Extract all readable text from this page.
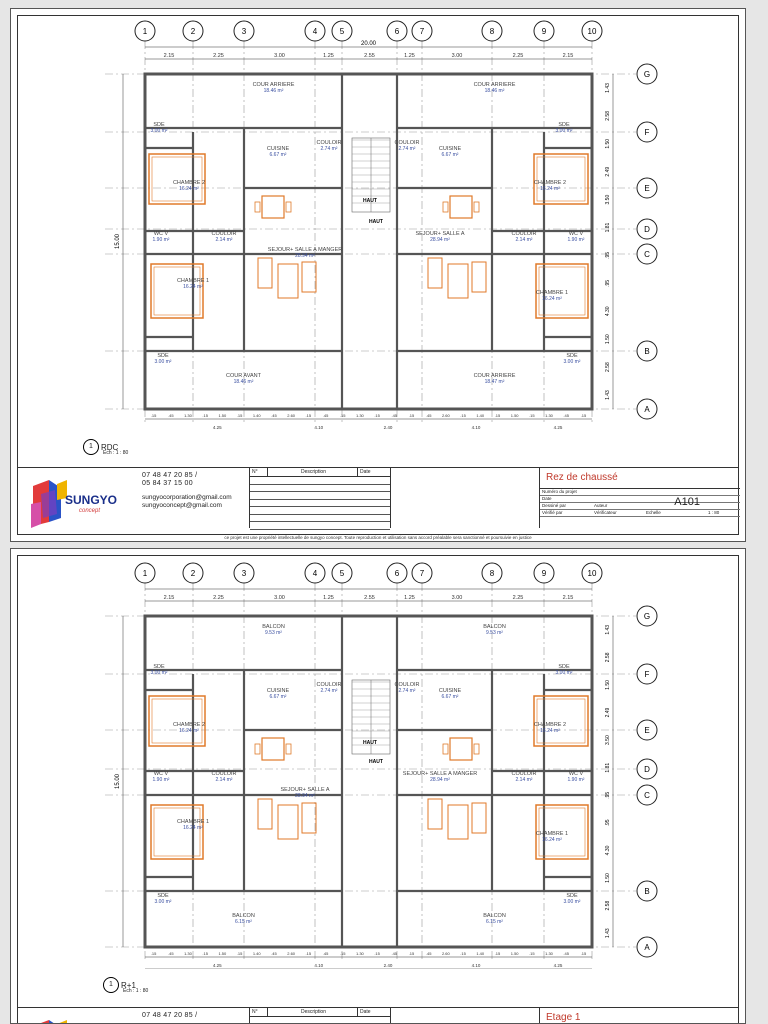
1	2	3	4	5	6	7	8	9	10
G
F
E
D
C
B
A
20.00
2.15	2.25	3.00	1.25	2.55	1.25	3.00	2.25	2.15
15.00
1.43
2.58
1.50
2.49
3.50
1.81
.95
.95
4.30
1.50
2.58
1.43
.15	.45	1.30	.15	1.50	.15	1.40	.45	2.60	.15	.45	.15	1.30	.15	.45	.15	.45	2.60	.15	1.40	.15	1.50	.15	1.30	.45	.15
4.25	4.10	2.40	4.10	4.25
COUR ARRIERE
18.46 m²
COUR ARRIERE
18.46 m²
SDE
3.00 m²
SDE
3.00 m²
CUISINE
6.67 m²
COULOIR
2.74 m²
COULOIR
2.74 m²	CUISINE
6.67 m²
CHAMBRE 2
16.24 m²
CHAMBRE 2
16.24 m²
WC V
1.90 m²
COULOIR
2.14 m²
SEJOUR+ SALLE A MANGER
28.94 m²
SEJOUR+ SALLE A
28.94 m²
COULOIR
2.14 m²
WC V
1.90 m²
CHAMBRE 1
16.24 m²
CHAMBRE 1
16.24 m²
SDE
3.00 m²
SDE
3.00 m²
COUR AVANT
18.46 m²
COUR ARRIERE
18.47 m²
HAUT
HAUT
1 RDC
Ech : 1 : 80
SUNGYO
concept
07 48 47 20 85 /
05 84 37 15 00
sungyocorporation@gmail.com
sungyoconcept@gmail.com
N°	Description	Date	Rez de chaussé
Numéro du projet
Date
Dessiné par	Auteur
Vérifié par	Vérificateur	Echelle	1 : 80
A101
ce projet est une propriété intellectuelle de sungyo concept. Toute reproduction et utilisation sans accord préalable sera sanctionné et poursuivie en justice
1	2	3	4	5	6	7	8	9	10
G
F
E
D
C
B
A
2.15	2.25	3.00	1.25	2.55	1.25	3.00	2.25	2.15
15.00
1.43
2.58
1.50
2.49
3.50
1.81
.95
.95
4.30
1.50
2.58
1.43
.15	.45	1.30	.15	1.50	.15	1.40	.45	2.60	.15	.45	.15	1.30	.15	.45	.15	.45	2.60	.15	1.40	.15	1.50	.15	1.30	.45	.15
4.25	4.10	2.40	4.10	4.25
BALCON
9.53 m²
BALCON
9.53 m²
SDE
3.00 m²
SDE
3.00 m²
CUISINE
6.67 m²
COULOIR
2.74 m²
COULOIR
2.74 m²	CUISINE
6.67 m²
CHAMBRE 2
16.24 m²
CHAMBRE 2
16.24 m²
WC V
1.90 m²
COULOIR
2.14 m²
SEJOUR+ SALLE A
28.94 m²
SEJOUR+ SALLE A MANGER
28.94 m²
COULOIR
2.14 m²
WC V
1.90 m²
CHAMBRE 1
16.24 m²
CHAMBRE 1
16.24 m²
SDE
3.00 m²
SDE
3.00 m²
BALCON
6.15 m²
BALCON
6.15 m²
HAUT
HAUT
1 R+1
Ech : 1 : 80
07 48 47 20 85 /	N°	Description	Date	Etage 1
